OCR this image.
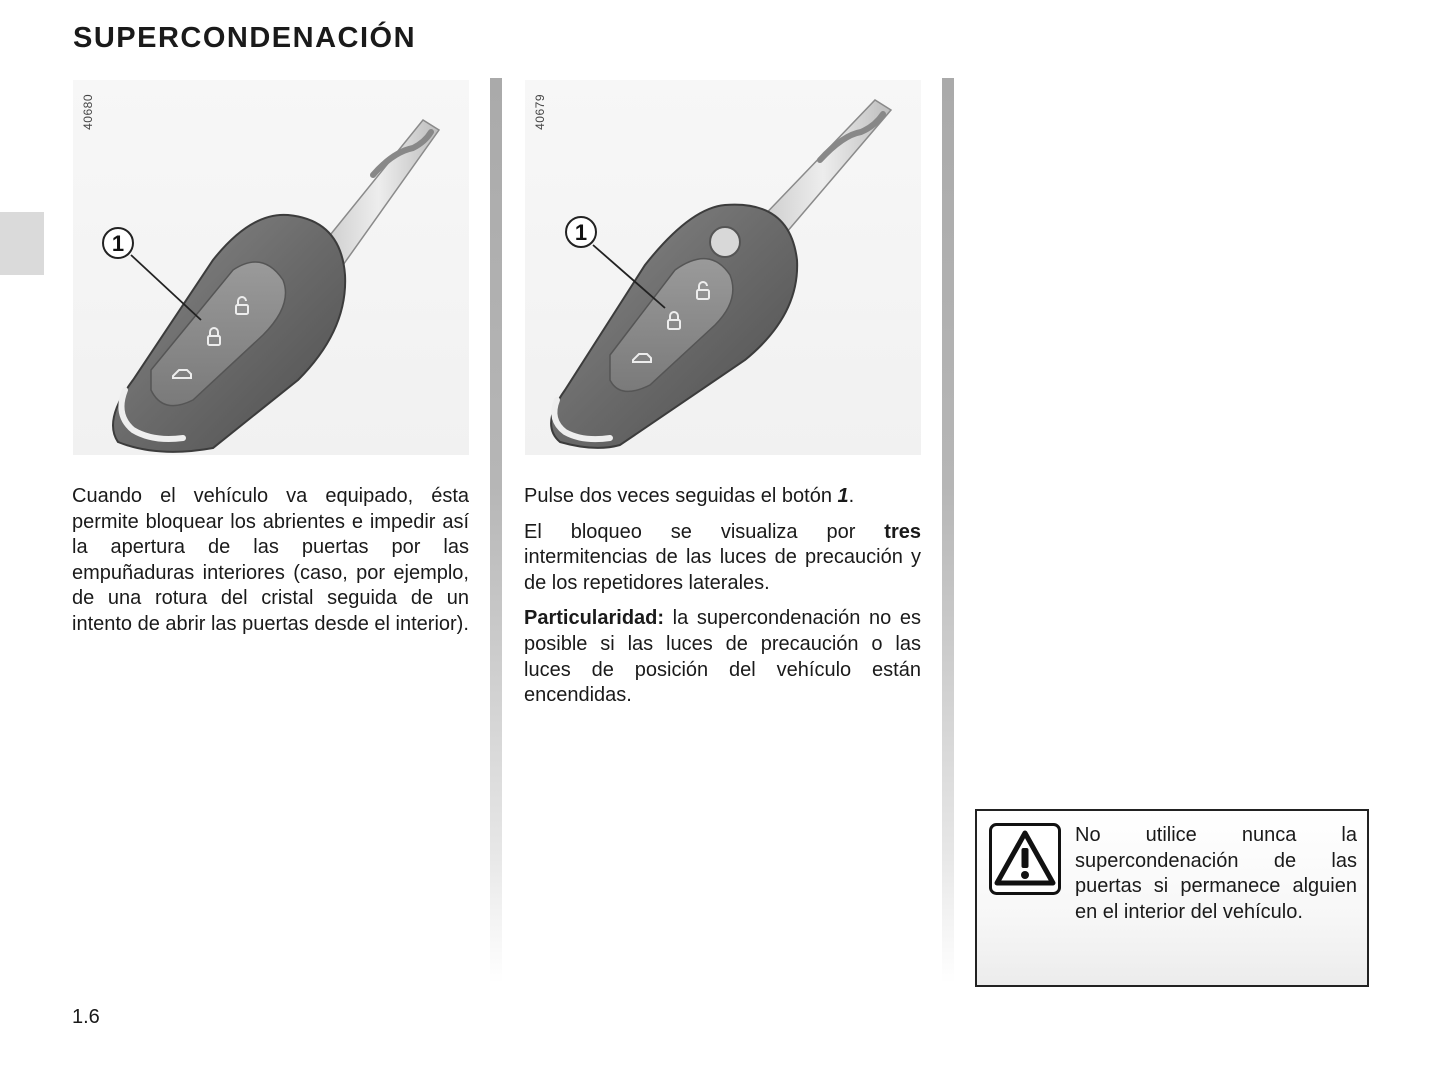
SUPERCONDENACIÓN
1
40680
1
40679

Cuando el vehículo va equipado, ésta permite bloquear los abrientes e impedir así la apertura de las puertas por las empuñaduras interiores (caso, por ejemplo, de una rotura del cristal seguida de un intento de abrir las puertas desde el interior).

Pulse dos veces seguidas el botón 1.

El bloqueo se visualiza por tres intermitencias de las luces de precaución y de los repetidores laterales.

Particularidad: la supercondenación no es posible si las luces de precaución o las luces de posición del vehículo están encendidas.

No utilice nunca la supercondenación de las puertas si permanece alguien en el interior del vehículo.
1.6
